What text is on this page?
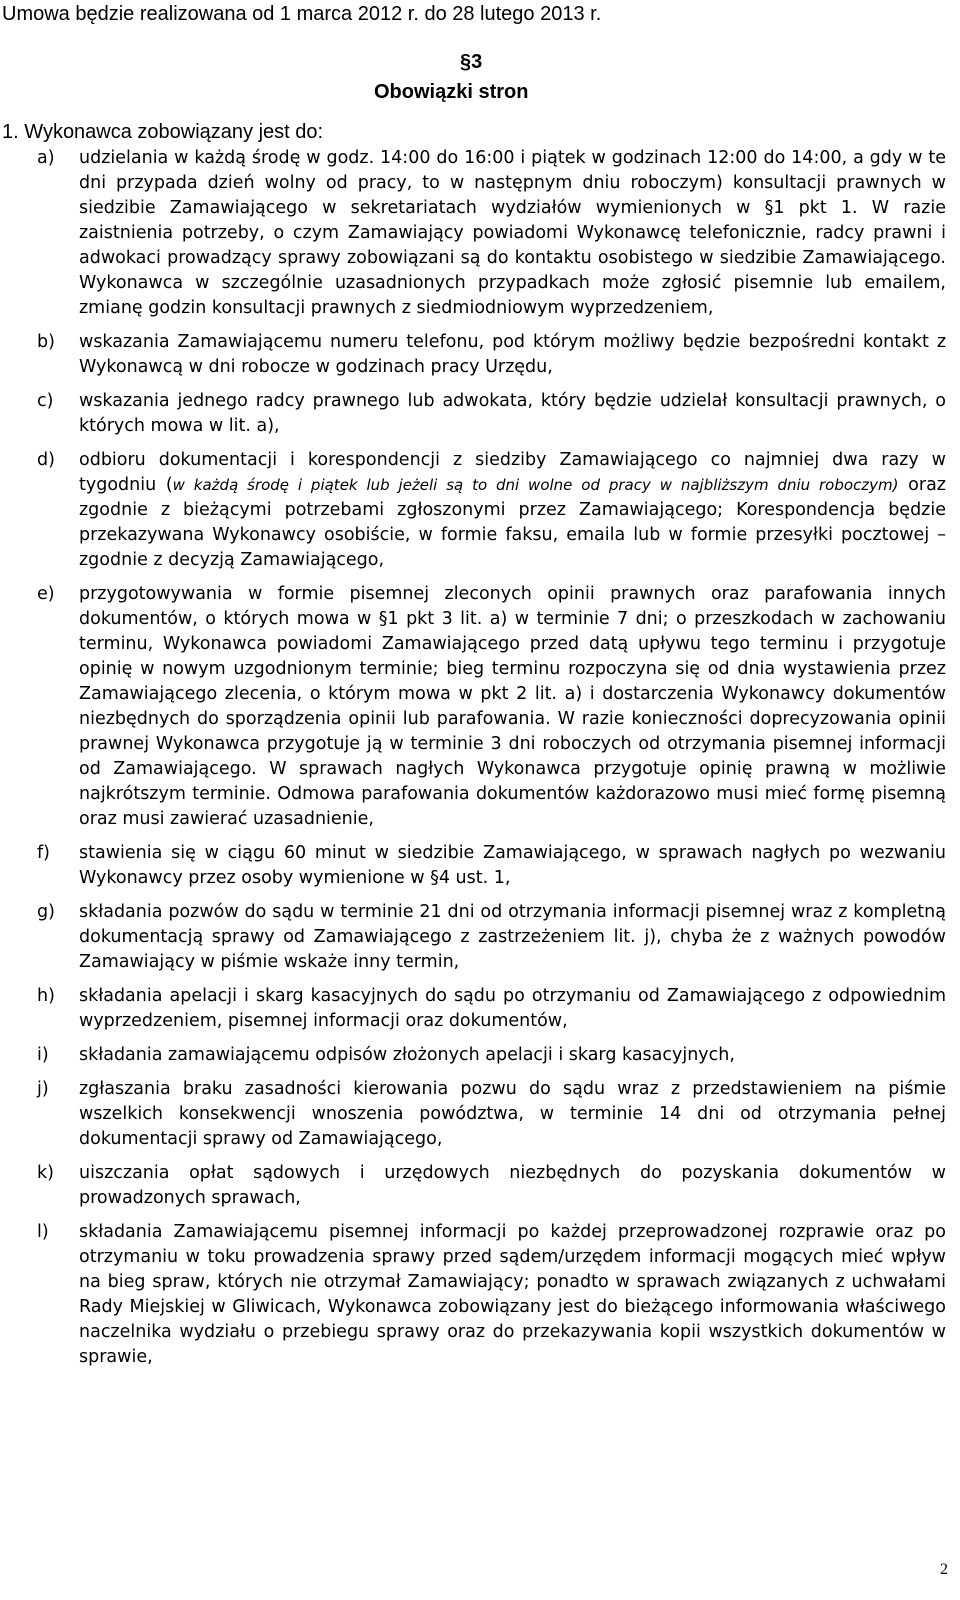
Umowa będzie realizowana od 1 marca 2012 r. do 28 lutego 2013 r.
§3
Obowiązki stron
1. Wykonawca zobowiązany jest do:
a) udzielania w każdą środę w godz. 14:00 do 16:00 i piątek w godzinach 12:00 do 14:00, a gdy w te dni przypada dzień wolny od pracy, to w następnym dniu roboczym) konsultacji prawnych w siedzibie Zamawiającego w sekretariatach wydziałów wymienionych w §1 pkt 1. W razie zaistnienia potrzeby, o czym Zamawiający powiadomi Wykonawcę telefonicznie, radcy prawni i adwokaci prowadzący sprawy zobowiązani są do kontaktu osobistego w siedzibie Zamawiającego. Wykonawca w szczególnie uzasadnionych przypadkach może zgłosić pisemnie lub emailem, zmianę godzin konsultacji prawnych z siedmiodniowym wyprzedzeniem,
b) wskazania Zamawiającemu numeru telefonu, pod którym możliwy będzie bezpośredni kontakt z Wykonawcą w dni robocze w godzinach pracy Urzędu,
c) wskazania jednego radcy prawnego lub adwokata, który będzie udzielał konsultacji prawnych, o których mowa w lit. a),
d) odbioru dokumentacji i korespondencji z siedziby Zamawiającego co najmniej dwa razy w tygodniu (w każdą środę i piątek lub jeżeli są to dni wolne od pracy w najbliższym dniu roboczym) oraz zgodnie z bieżącymi potrzebami zgłoszonymi przez Zamawiającego; Korespondencja będzie przekazywana Wykonawcy osobiście, w formie faksu, emaila lub w formie przesyłki pocztowej – zgodnie z decyzją Zamawiającego,
e) przygotowywania w formie pisemnej zleconych opinii prawnych oraz parafowania innych dokumentów, o których mowa w §1 pkt 3 lit. a) w terminie 7 dni; o przeszkodach w zachowaniu terminu, Wykonawca powiadomi Zamawiającego przed datą upływu tego terminu i przygotuje opinię w nowym uzgodnionym terminie; bieg terminu rozpoczyna się od dnia wystawienia przez Zamawiającego zlecenia, o którym mowa w pkt 2 lit. a) i dostarczenia Wykonawcy dokumentów niezbędnych do sporządzenia opinii lub parafowania. W razie konieczności doprecyzowania opinii prawnej Wykonawca przygotuje ją w terminie 3 dni roboczych od otrzymania pisemnej informacji od Zamawiającego. W sprawach nagłych Wykonawca przygotuje opinię prawną w możliwie najkrótszym terminie. Odmowa parafowania dokumentów każdorazowo musi mieć formę pisemną oraz musi zawierać uzasadnienie,
f) stawienia się w ciągu 60 minut w siedzibie Zamawiającego, w sprawach nagłych po wezwaniu Wykonawcy przez osoby wymienione w §4 ust. 1,
g) składania pozwów do sądu w terminie 21 dni od otrzymania informacji pisemnej wraz z kompletną dokumentacją sprawy od Zamawiającego z zastrzeżeniem lit. j), chyba że z ważnych powodów Zamawiający w piśmie wskaże inny termin,
h) składania apelacji i skarg kasacyjnych do sądu po otrzymaniu od Zamawiającego z odpowiednim wyprzedzeniem, pisemnej informacji oraz dokumentów,
i) składania zamawiającemu odpisów złożonych apelacji i skarg kasacyjnych,
j) zgłaszania braku zasadności kierowania pozwu do sądu wraz z przedstawieniem na piśmie wszelkich konsekwencji wnoszenia powództwa, w terminie 14 dni od otrzymania pełnej dokumentacji sprawy od Zamawiającego,
k) uiszczania opłat sądowych i urzędowych niezbędnych do pozyskania dokumentów w prowadzonych sprawach,
l) składania Zamawiającemu pisemnej informacji po każdej przeprowadzonej rozprawie oraz po otrzymaniu w toku prowadzenia sprawy przed sądem/urzędem informacji mogących mieć wpływ na bieg spraw, których nie otrzymał Zamawiający; ponadto w sprawach związanych z uchwałami Rady Miejskiej w Gliwicach, Wykonawca zobowiązany jest do bieżącego informowania właściwego naczelnika wydziału o przebiegu sprawy oraz do przekazywania kopii wszystkich dokumentów w sprawie,
2
